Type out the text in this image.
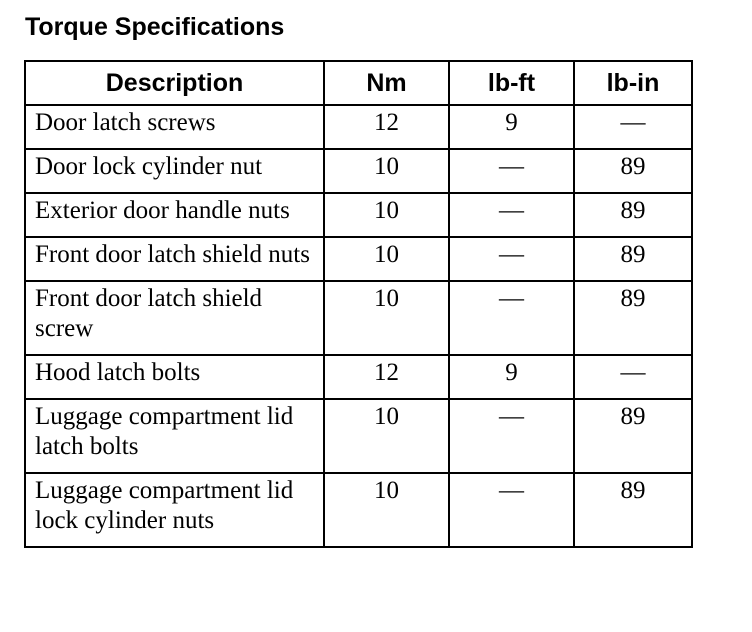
Torque Specifications
Description	Nm	lb-ft	lb-in
Door latch screws	12	9	—
Door lock cylinder nut	10	—	89
Exterior door handle nuts	10	—	89
Front door latch shield nuts	10	—	89
Front door latch shield screw	10	—	89
Hood latch bolts	12	9	—
Luggage compartment lid latch bolts	10	—	89
Luggage compartment lid lock cylinder nuts	10	—	89
